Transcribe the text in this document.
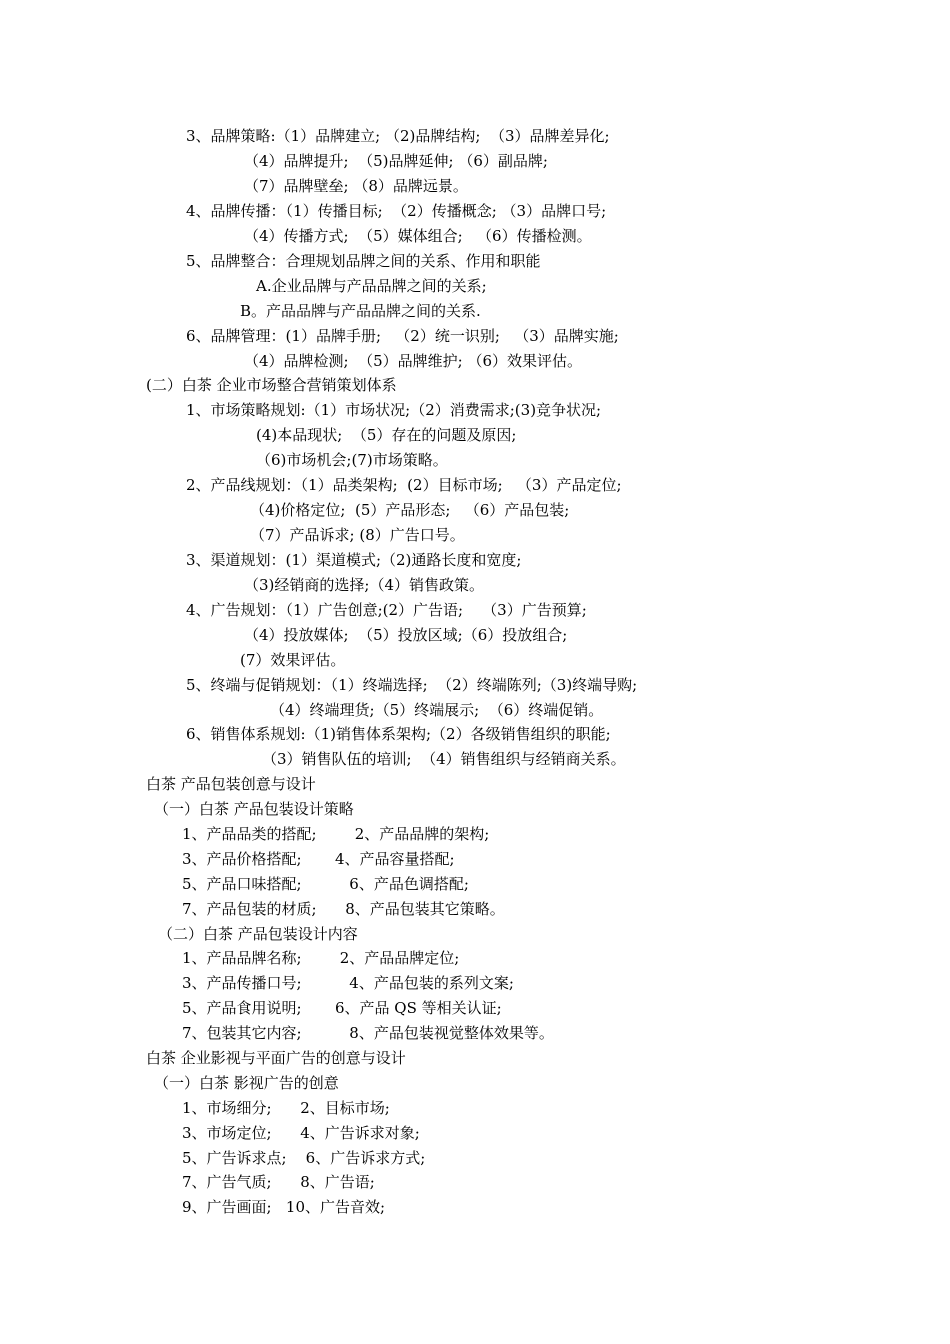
3、品牌策略:（1）品牌建立; （2)品牌结构;  （3）品牌差异化;
（4）品牌提升;  （5)品牌延伸; （6）副品牌;
（7）品牌壁垒; （8）品牌远景。
4、品牌传播：（1）传播目标;  （2）传播概念; （3）品牌口号;
（4）传播方式;  （5）媒体组合;   （6）传播检测。
5、品牌整合：合理规划品牌之间的关系、作用和职能
A.企业品牌与产品品牌之间的关系;
B。产品品牌与产品品牌之间的关系.
6、品牌管理：(1）品牌手册;   （2）统一识别;   （3）品牌实施;
（4）品牌检测;  （5）品牌维护; （6）效果评估。
(二）白茶 企业市场整合营销策划体系
1、市场策略规划:（1）市场状况;（2）消费需求;(3)竞争状况;
(4)本品现状;  （5）存在的问题及原因;
（6)市场机会;(7)市场策略。
2、产品线规划：（1）品类架构;  (2）目标市场;   （3）产品定位;
（4)价格定位;  (5）产品形态;   （6）产品包装;
（7）产品诉求; (8）广告口号。
3、渠道规划：(1）渠道模式;（2)通路长度和宽度;
（3)经销商的选择;（4）销售政策。
4、广告规划：（1）广告创意;(2）广告语;    （3）广告预算;
（4）投放媒体;  （5）投放区域;（6）投放组合;
(7）效果评估。
5、终端与促销规划：（1）终端选择;  （2）终端陈列;（3)终端导购;
（4）终端理货;（5）终端展示;  （6）终端促销。
6、销售体系规划:（1)销售体系架构;（2）各级销售组织的职能;
（3）销售队伍的培训;  （4）销售组织与经销商关系。
白茶 产品包装创意与设计
（一）白茶 产品包装设计策略
1、产品品类的搭配;        2、产品品牌的架构;
3、产品价格搭配;       4、产品容量搭配;
5、产品口味搭配;          6、产品色调搭配;
7、产品包装的材质;      8、产品包装其它策略。
（二）白茶 产品包装设计内容
1、产品品牌名称;        2、产品品牌定位;
3、产品传播口号;          4、产品包装的系列文案;
5、产品食用说明;       6、产品 QS 等相关认证;
7、包装其它内容;          8、产品包装视觉整体效果等。
白茶 企业影视与平面广告的创意与设计
（一）白茶 影视广告的创意
1、市场细分;      2、目标市场;
3、市场定位;      4、广告诉求对象;
5、广告诉求点;    6、广告诉求方式;
7、广告气质;      8、广告语;
9、广告画面;   10、广告音效;
